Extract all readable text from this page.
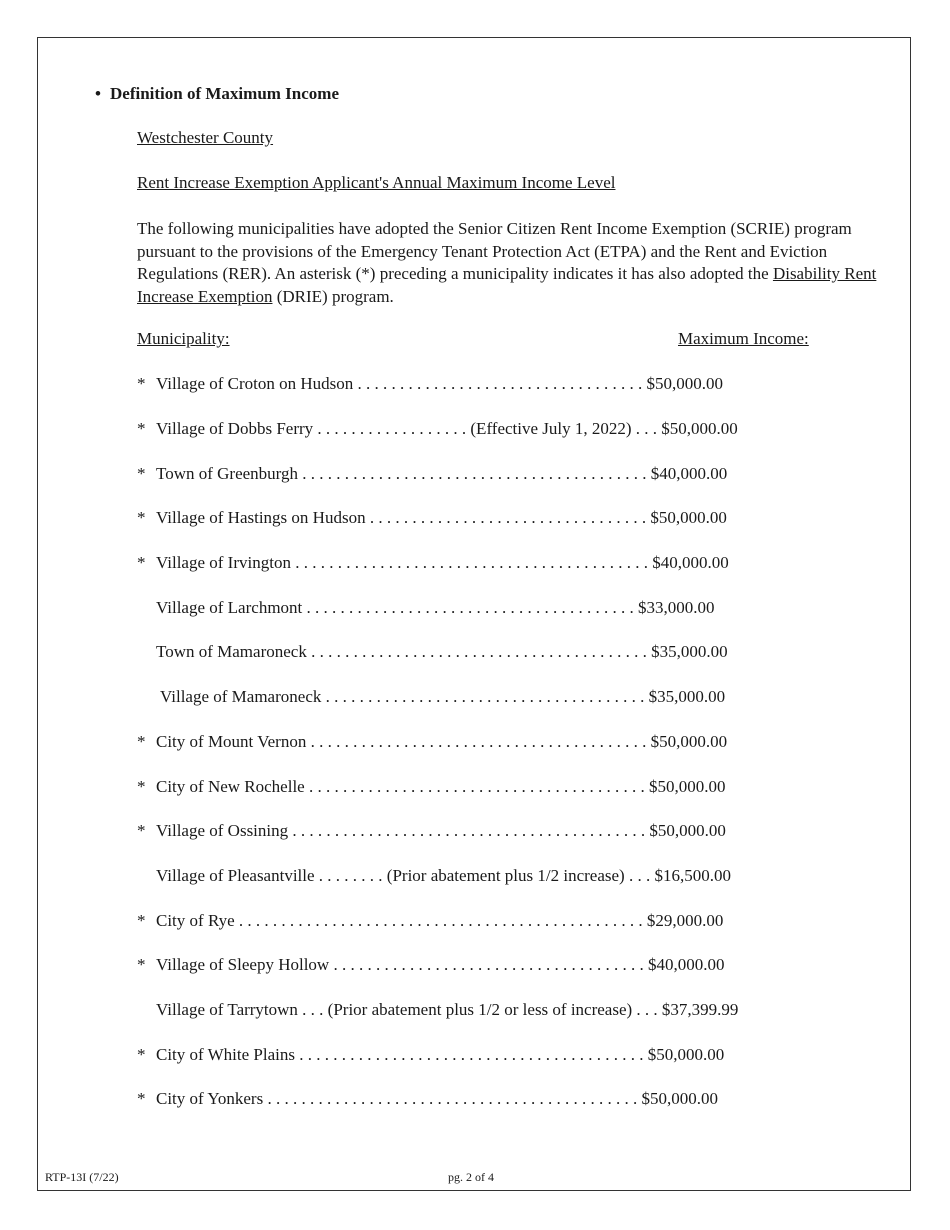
• Definition of Maximum Income
Westchester County
Rent Increase Exemption Applicant's Annual Maximum Income Level
The following municipalities have adopted the Senior Citizen Rent Income Exemption (SCRIE) program pursuant to the provisions of the Emergency Tenant Protection Act (ETPA) and the Rent and Eviction Regulations (RER). An asterisk (*) preceding a municipality indicates it has also adopted the Disability Rent Increase Exemption (DRIE) program.
Municipality:	Maximum Income:
* Village of Croton on Hudson . . . . . . . . . . . . . . . . . . . . . . . . . . . . . . . . . . $50,000.00
* Village of Dobbs Ferry . . . . . . . . . . . . . . . . . . (Effective July 1, 2022) . . . $50,000.00
* Town of Greenburgh . . . . . . . . . . . . . . . . . . . . . . . . . . . . . . . . . . . . . . . . . $40,000.00
* Village of Hastings on Hudson . . . . . . . . . . . . . . . . . . . . . . . . . . . . . . . . . $50,000.00
* Village of Irvington . . . . . . . . . . . . . . . . . . . . . . . . . . . . . . . . . . . . . . . . . . $40,000.00
Village of Larchmont . . . . . . . . . . . . . . . . . . . . . . . . . . . . . . . . . . . . . . . $33,000.00
Town of Mamaroneck . . . . . . . . . . . . . . . . . . . . . . . . . . . . . . . . . . . . . . . . $35,000.00
Village of Mamaroneck . . . . . . . . . . . . . . . . . . . . . . . . . . . . . . . . . . . . . . $35,000.00
* City of Mount Vernon . . . . . . . . . . . . . . . . . . . . . . . . . . . . . . . . . . . . . . . . $50,000.00
* City of New Rochelle . . . . . . . . . . . . . . . . . . . . . . . . . . . . . . . . . . . . . . . . $50,000.00
* Village of Ossining . . . . . . . . . . . . . . . . . . . . . . . . . . . . . . . . . . . . . . . . . . $50,000.00
Village of Pleasantville . . . . . . . . (Prior abatement plus 1/2 increase) . . . $16,500.00
* City of Rye . . . . . . . . . . . . . . . . . . . . . . . . . . . . . . . . . . . . . . . . . . . . . . . . $29,000.00
* Village of Sleepy Hollow . . . . . . . . . . . . . . . . . . . . . . . . . . . . . . . . . . . . . $40,000.00
Village of Tarrytown . . . (Prior abatement plus 1/2 or less of increase) . . . $37,399.99
* City of White Plains . . . . . . . . . . . . . . . . . . . . . . . . . . . . . . . . . . . . . . . . . $50,000.00
* City of Yonkers . . . . . . . . . . . . . . . . . . . . . . . . . . . . . . . . . . . . . . . . . . . . $50,000.00
RTP-13I (7/22)	pg. 2 of 4
